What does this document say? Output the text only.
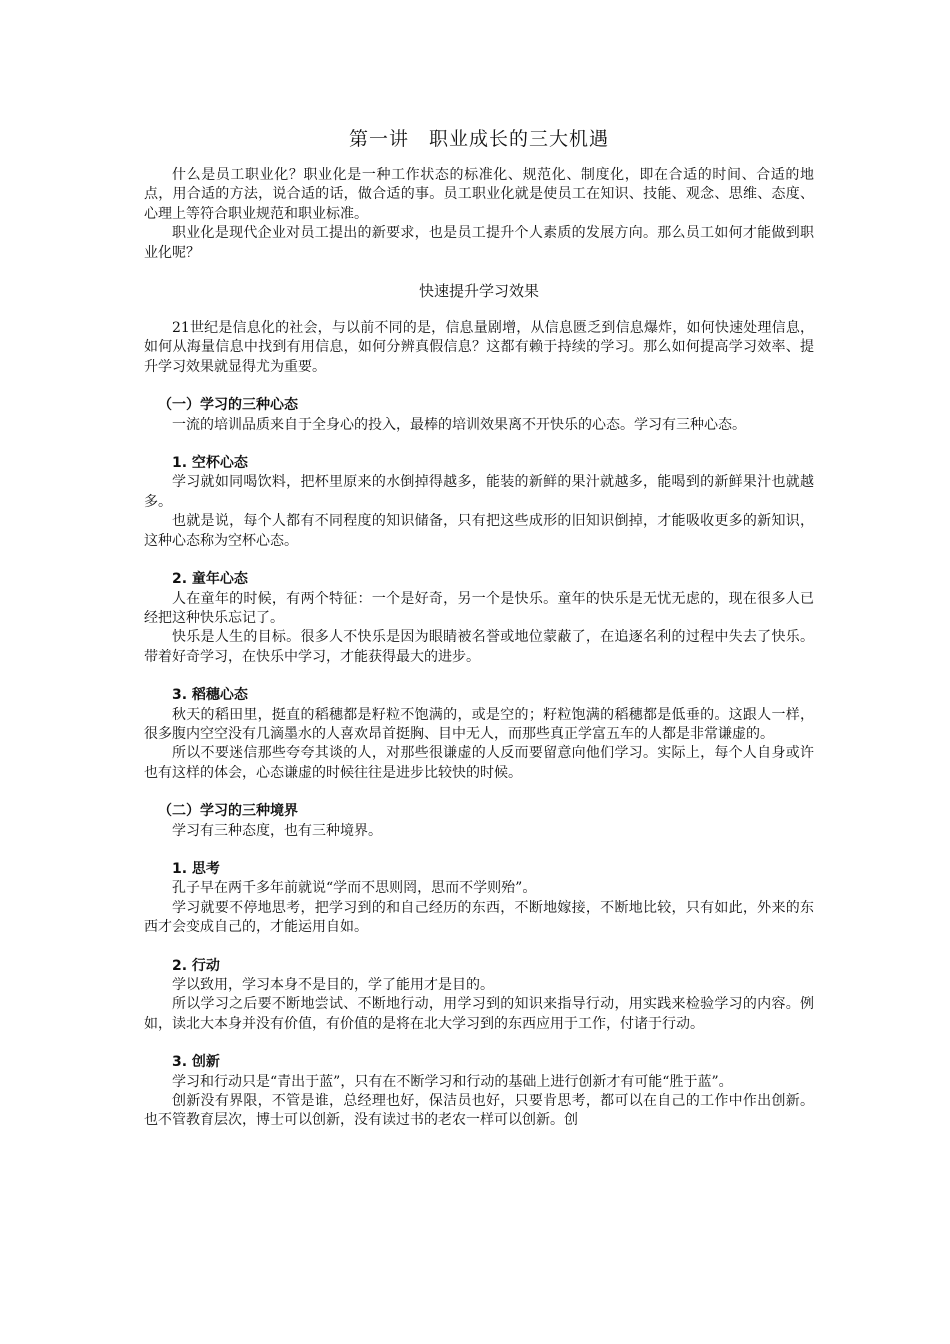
第一讲　职业成长的三大机遇

什么是员工职业化？职业化是一种工作状态的标准化、规范化、制度化，即在合适的时间、合适的地点，用合适的方法，说合适的话，做合适的事。员工职业化就是使员工在知识、技能、观念、思维、态度、心理上等符合职业规范和职业标准。

职业化是现代企业对员工提出的新要求，也是员工提升个人素质的发展方向。那么员工如何才能做到职业化呢？

快速提升学习效果

21世纪是信息化的社会，与以前不同的是，信息量剧增，从信息匮乏到信息爆炸，如何快速处理信息，如何从海量信息中找到有用信息，如何分辨真假信息？这都有赖于持续的学习。那么如何提高学习效率、提升学习效果就显得尤为重要。

（一）学习的三种心态

一流的培训品质来自于全身心的投入，最棒的培训效果离不开快乐的心态。学习有三种心态。

1. 空杯心态

学习就如同喝饮料，把杯里原来的水倒掉得越多，能装的新鲜的果汁就越多，能喝到的新鲜果汁也就越多。

也就是说，每个人都有不同程度的知识储备，只有把这些成形的旧知识倒掉，才能吸收更多的新知识，这种心态称为空杯心态。

2. 童年心态

人在童年的时候，有两个特征：一个是好奇，另一个是快乐。童年的快乐是无忧无虑的，现在很多人已经把这种快乐忘记了。

快乐是人生的目标。很多人不快乐是因为眼睛被名誉或地位蒙蔽了，在追逐名利的过程中失去了快乐。带着好奇学习，在快乐中学习，才能获得最大的进步。

3. 稻穗心态

秋天的稻田里，挺直的稻穗都是籽粒不饱满的，或是空的；籽粒饱满的稻穗都是低垂的。这跟人一样，很多腹内空空没有几滴墨水的人喜欢昂首挺胸、目中无人，而那些真正学富五车的人都是非常谦虚的。

所以不要迷信那些夸夸其谈的人，对那些很谦虚的人反而要留意向他们学习。实际上，每个人自身或许也有这样的体会，心态谦虚的时候往往是进步比较快的时候。

（二）学习的三种境界

学习有三种态度，也有三种境界。

1. 思考

孔子早在两千多年前就说“学而不思则罔，思而不学则殆”。

学习就要不停地思考，把学习到的和自己经历的东西，不断地嫁接，不断地比较，只有如此，外来的东西才会变成自己的，才能运用自如。

2. 行动

学以致用，学习本身不是目的，学了能用才是目的。

所以学习之后要不断地尝试、不断地行动，用学习到的知识来指导行动，用实践来检验学习的内容。例如，读北大本身并没有价值，有价值的是将在北大学习到的东西应用于工作，付诸于行动。

3. 创新

学习和行动只是“青出于蓝”，只有在不断学习和行动的基础上进行创新才有可能“胜于蓝”。

创新没有界限，不管是谁，总经理也好，保洁员也好，只要肯思考，都可以在自己的工作中作出创新。也不管教育层次，博士可以创新，没有读过书的老农一样可以创新。创
